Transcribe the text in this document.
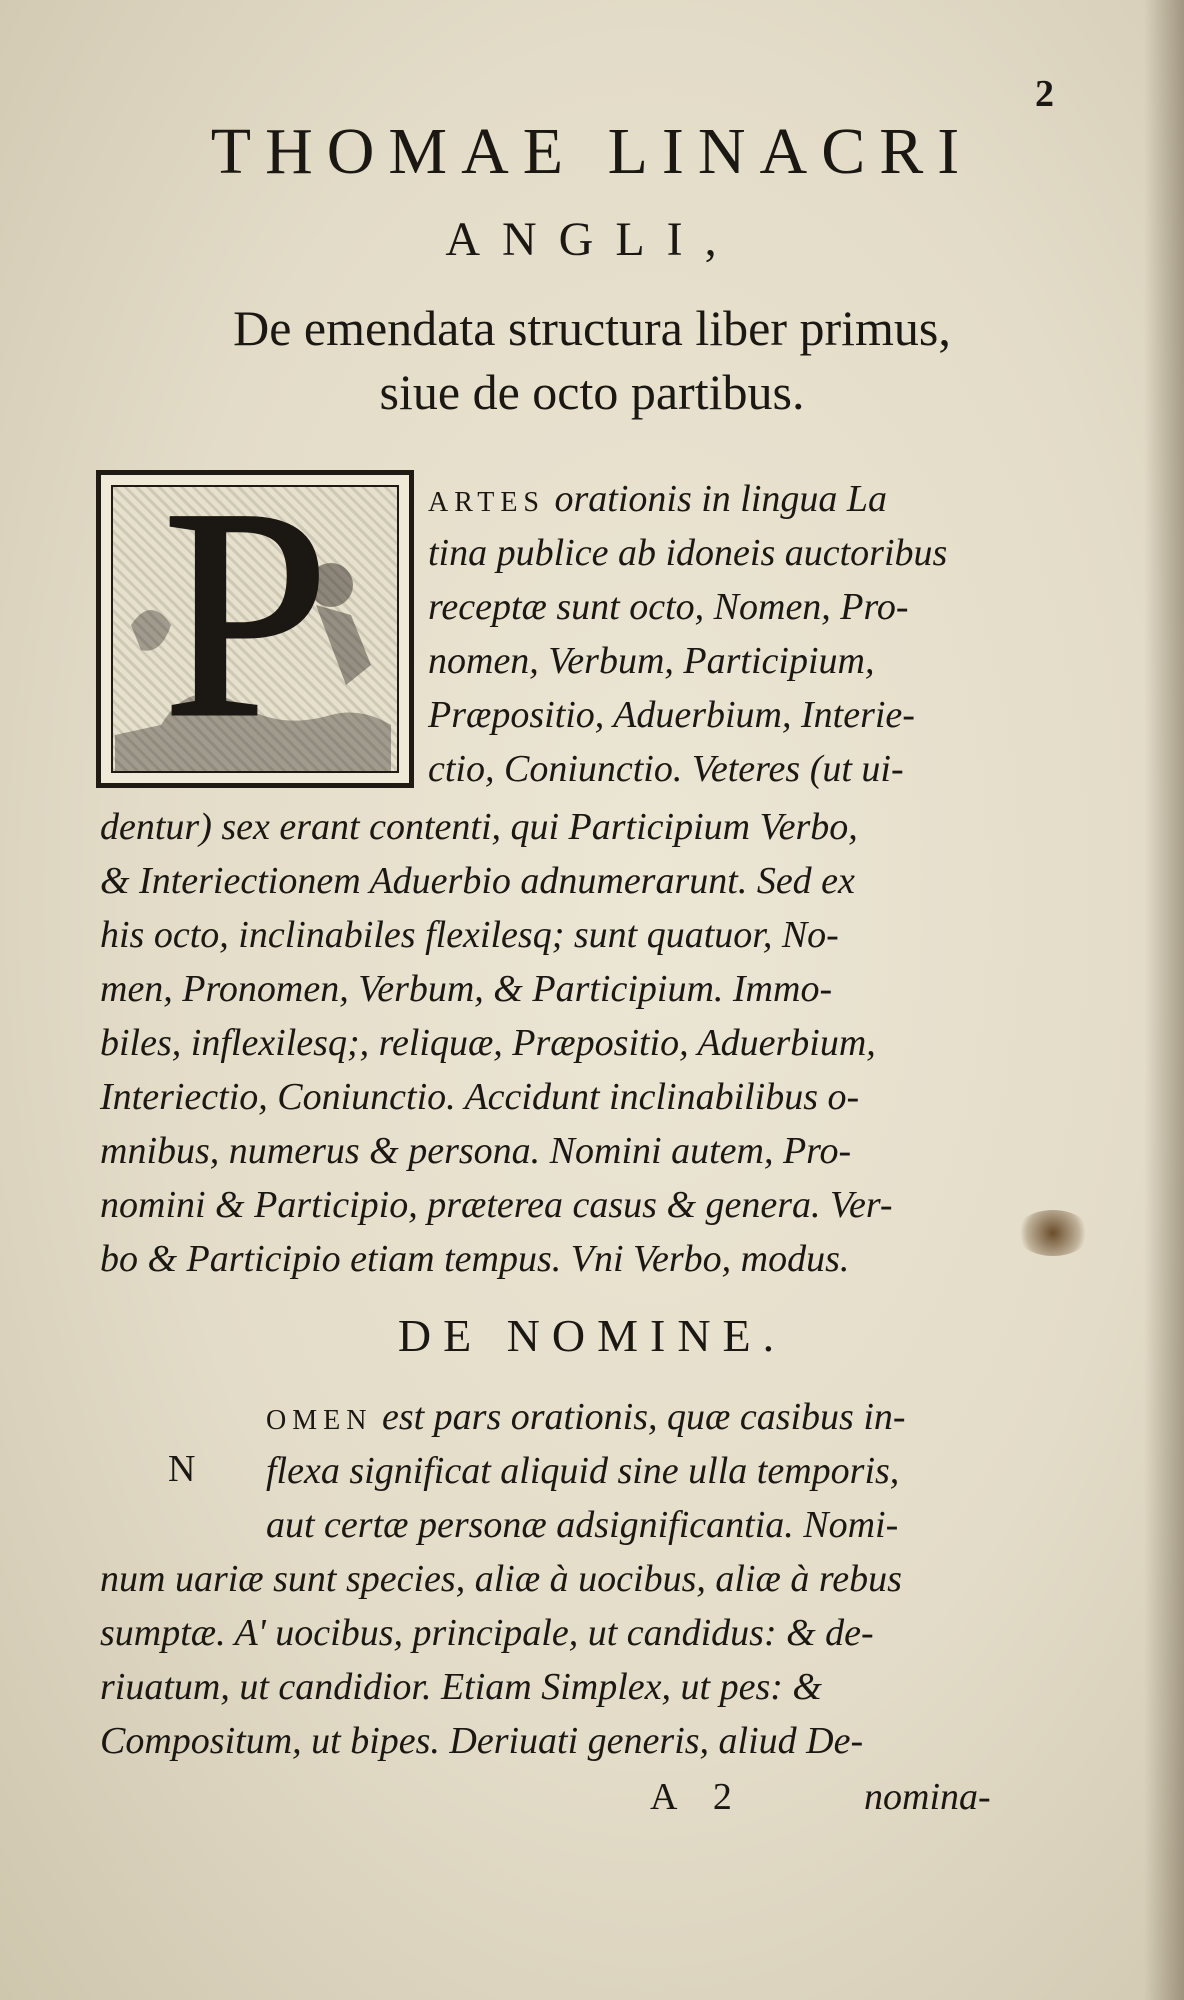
2
THOMAE LINACRI
ANGLI,
De emendata structura liber primus,
siue de octo partibus.
P	ARTES orationis in lingua La
tina publice ab idoneis auctoribus
receptæ sunt octo, Nomen, Pro-
nomen, Verbum, Participium,
Præpositio, Aduerbium, Interie-
ctio, Coniunctio. Veteres (ut ui-
dentur) sex erant contenti, qui Participium Verbo,
& Interiectionem Aduerbio adnumerarunt. Sed ex
his octo, inclinabiles flexilesq; sunt quatuor, No-
men, Pronomen, Verbum, & Participium. Immo-
biles, inflexilesq;, reliquæ, Præpositio, Aduerbium,
Interiectio, Coniunctio. Accidunt inclinabilibus o-
mnibus, numerus & persona. Nomini autem, Pro-
nomini & Participio, præterea casus & genera. Ver-
bo & Participio etiam tempus. Vni Verbo, modus.
DE NOMINE.
N
OMEN est pars orationis, quæ casibus in-
flexa significat aliquid sine ulla temporis,
aut certæ personæ adsignificantia. Nomi-
num uariæ sunt species, aliæ à uocibus, aliæ à rebus
sumptæ. A' uocibus, principale, ut candidus: & de-
riuatum, ut candidior. Etiam Simplex, ut pes: &
Compositum, ut bipes. Deriuati generis, aliud De-
A 2	nomina-
